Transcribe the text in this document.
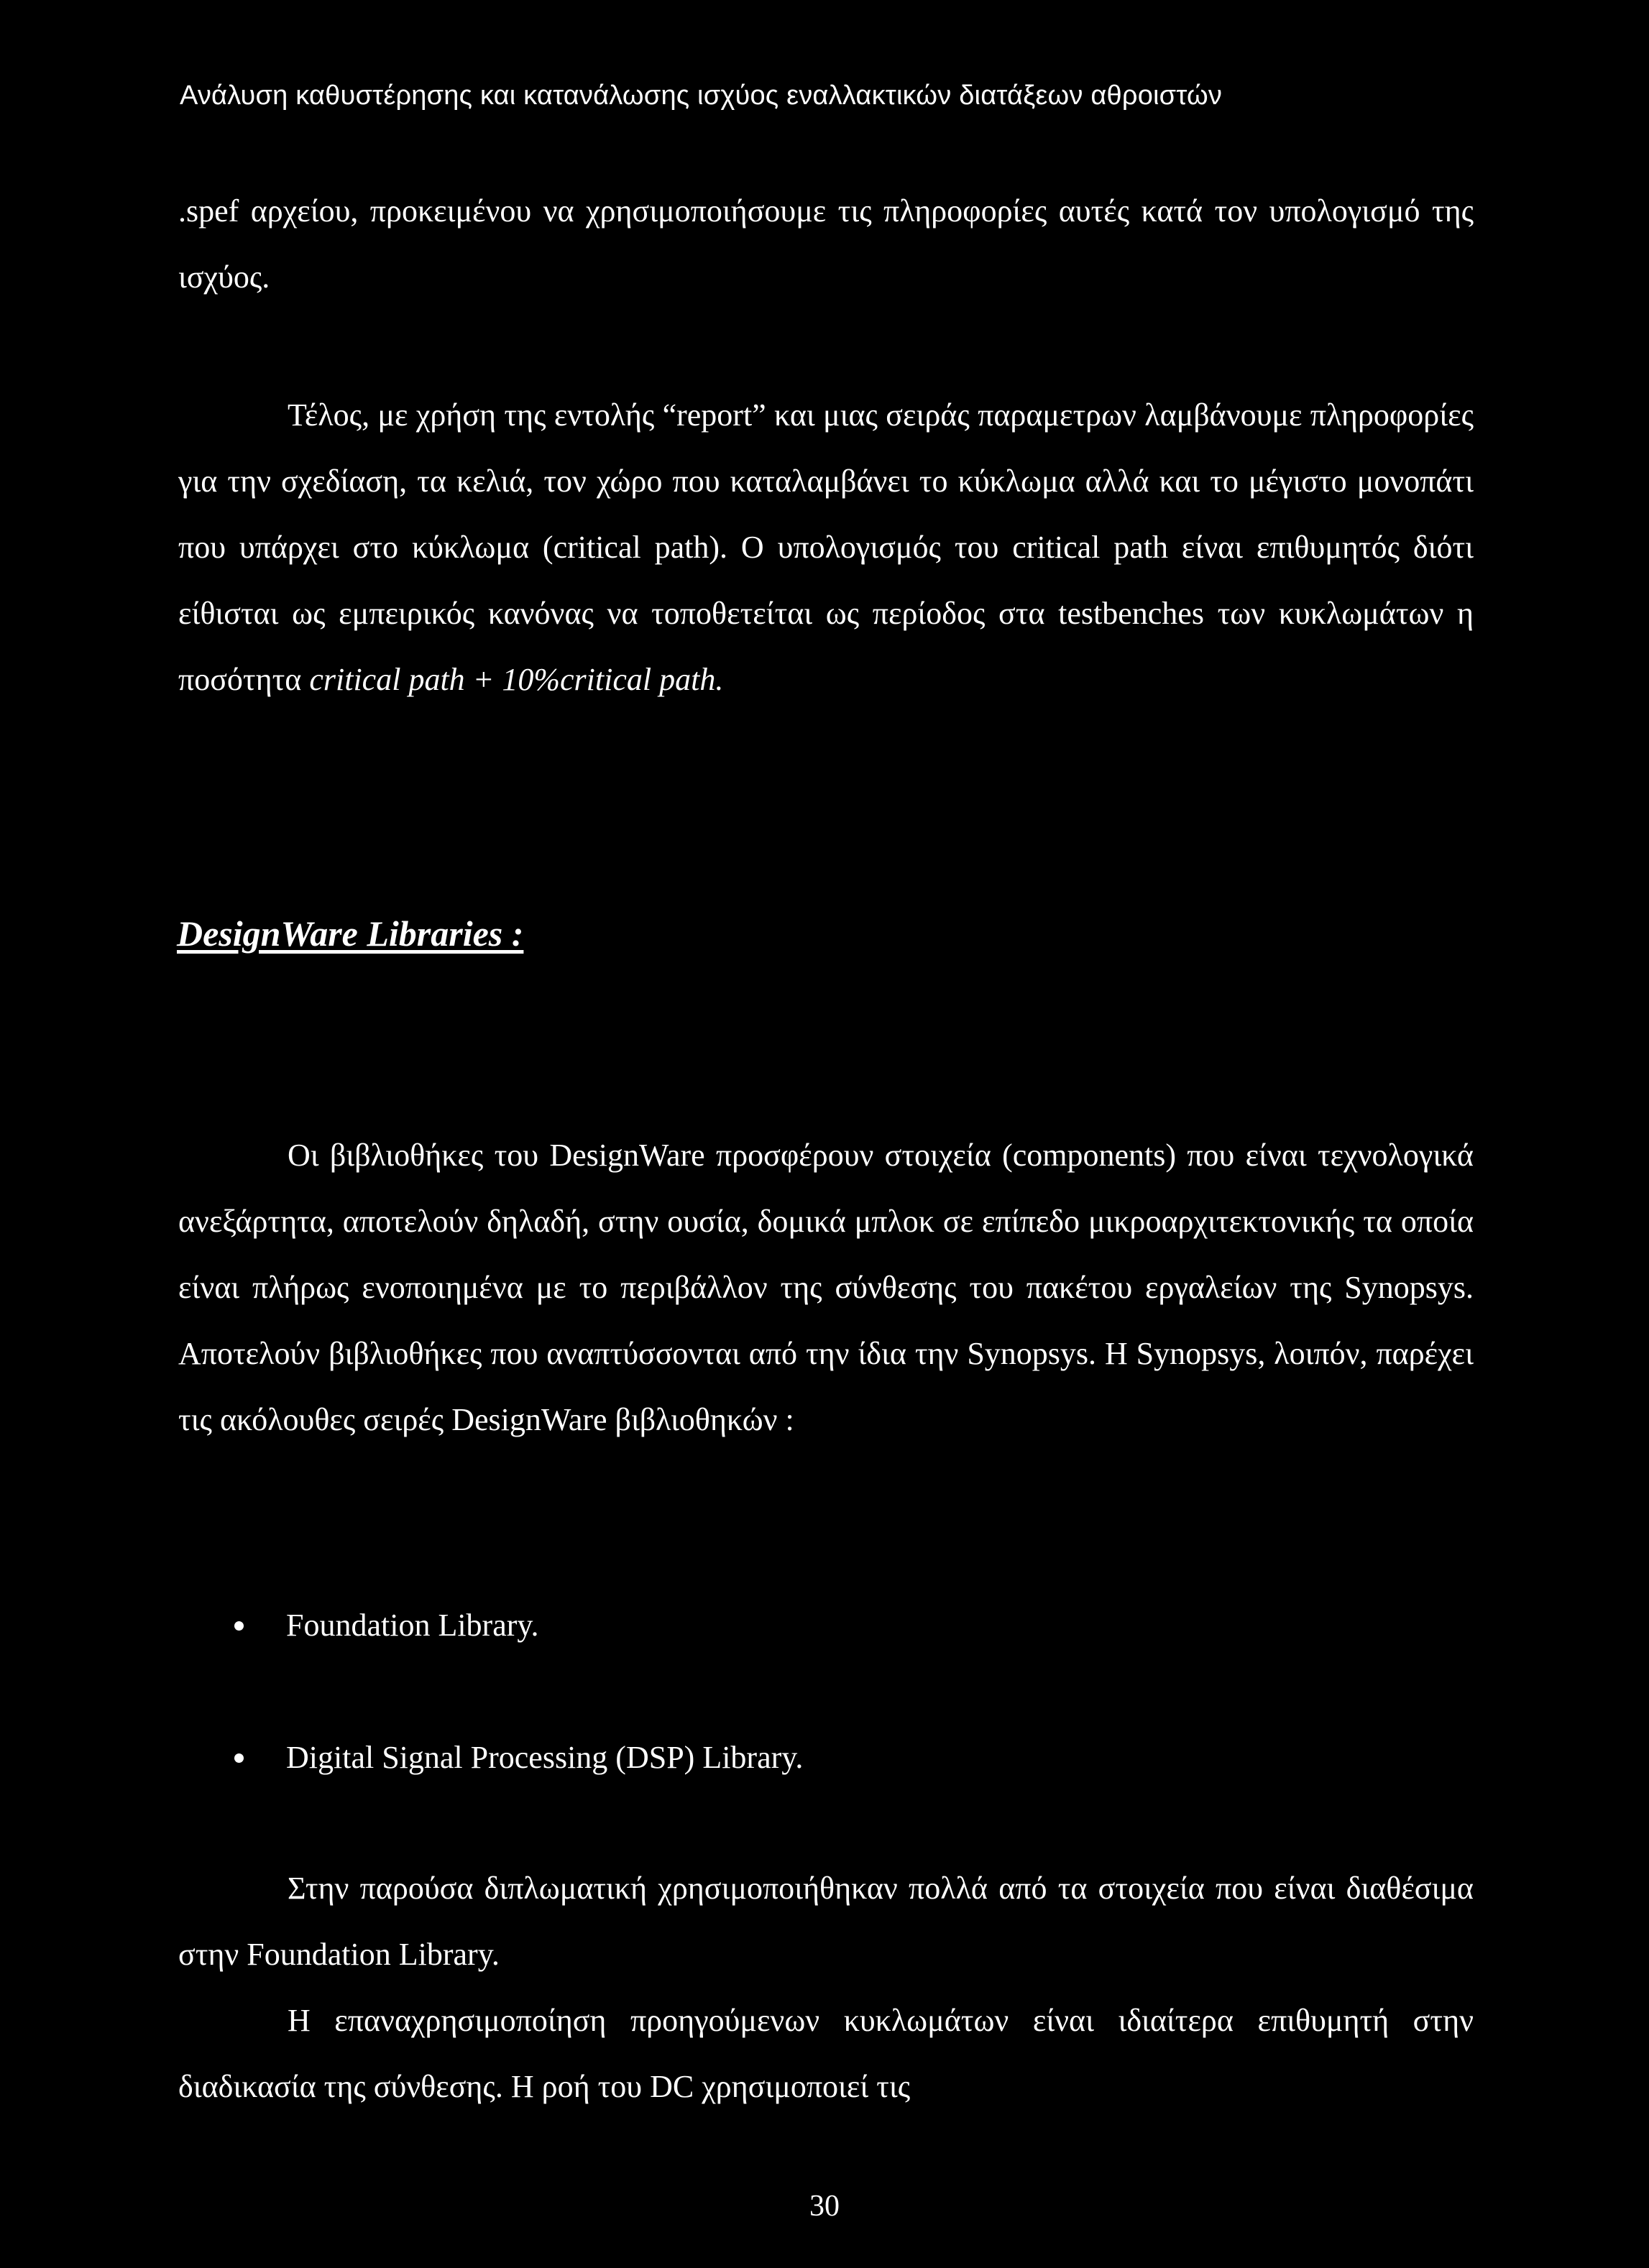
Ανάλυση καθυστέρησης και κατανάλωσης ισχύος εναλλακτικών διατάξεων αθροιστών

.spef αρχείου, προκειμένου να χρησιμοποιήσουμε τις πληροφορίες αυτές κατά τον υπολογισμό της ισχύος.

Τέλος, με χρήση της εντολής “report” και μιας σειράς παραμετρων λαμβάνουμε πληροφορίες για την σχεδίαση, τα κελιά, τον χώρο που καταλαμβάνει το κύκλωμα αλλά και το μέγιστο μονοπάτι που υπάρχει στο κύκλωμα (critical path). Ο υπολογισμός του critical path είναι επιθυμητός διότι είθισται ως εμπειρικός κανόνας να τοποθετείται ως περίοδος στα testbenches των κυκλωμάτων η ποσότητα critical path + 10%critical path.

DesignWare Libraries :

Οι βιβλιοθήκες του DesignWare προσφέρουν στοιχεία (components) που είναι τεχνολογικά ανεξάρτητα, αποτελούν δηλαδή, στην ουσία, δομικά μπλοκ σε επίπεδο μικροαρχιτεκτονικής τα οποία είναι πλήρως ενοποιημένα με το περιβάλλον της σύνθεσης του πακέτου εργαλείων της Synopsys. Αποτελούν βιβλιοθήκες που αναπτύσσονται από την ίδια την Synopsys. Η Synopsys, λοιπόν, παρέχει τις ακόλουθες σειρές DesignWare βιβλιοθηκών :

Foundation Library.
Digital Signal Processing (DSP) Library.

Στην παρούσα διπλωματική χρησιμοποιήθηκαν πολλά από τα στοιχεία που είναι διαθέσιμα στην Foundation Library.

Η επαναχρησιμοποίηση προηγούμενων κυκλωμάτων είναι ιδιαίτερα επιθυμητή στην διαδικασία της σύνθεσης. Η ροή του DC χρησιμοποιεί τις

30
